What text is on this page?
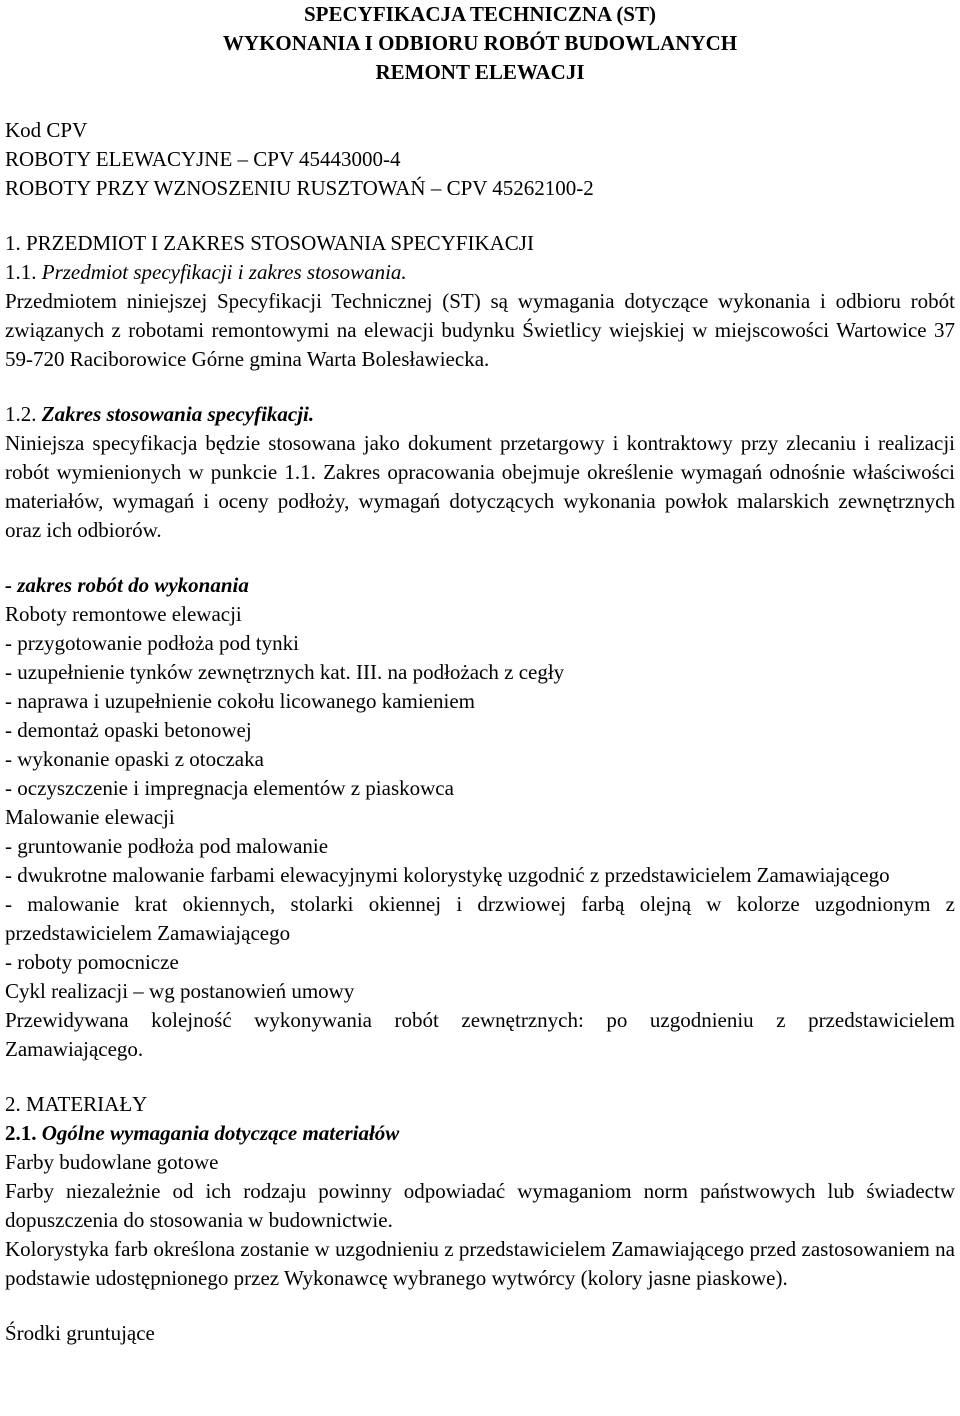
SPECYFIKACJA TECHNICZNA (ST)
WYKONANIA I ODBIORU ROBÓT BUDOWLANYCH
REMONT ELEWACJI
Kod CPV
ROBOTY ELEWACYJNE – CPV 45443000-4
ROBOTY PRZY WZNOSZENIU RUSZTOWAŃ – CPV 45262100-2

1. PRZEDMIOT I ZAKRES STOSOWANIA SPECYFIKACJI

1.1. Przedmiot specyfikacji i zakres stosowania.

Przedmiotem niniejszej Specyfikacji Technicznej (ST) są wymagania dotyczące wykonania i odbioru robót związanych z robotami remontowymi na elewacji budynku Świetlicy wiejskiej w miejscowości Wartowice 37 59-720 Raciborowice Górne gmina Warta Bolesławiecka.

1.2. Zakres stosowania specyfikacji.

Niniejsza specyfikacja będzie stosowana jako dokument przetargowy i kontraktowy przy zlecaniu i realizacji robót wymienionych w punkcie 1.1. Zakres opracowania obejmuje określenie wymagań odnośnie właściwości materiałów, wymagań i oceny podłoży, wymagań dotyczących wykonania powłok malarskich zewnętrznych oraz ich odbiorów.

- zakres robót do wykonania

Roboty remontowe elewacji

- przygotowanie podłoża pod tynki
- uzupełnienie tynków zewnętrznych kat. III. na podłożach z cegły
- naprawa i uzupełnienie cokołu licowanego kamieniem
- demontaż opaski betonowej
- wykonanie opaski z otoczaka
- oczyszczenie i impregnacja elementów z piaskowca

Malowanie elewacji

- gruntowanie podłoża pod malowanie
- dwukrotne malowanie farbami elewacyjnymi kolorystykę uzgodnić z przedstawicielem Zamawiającego
- malowanie krat okiennych, stolarki okiennej i drzwiowej farbą olejną w kolorze uzgodnionym z przedstawicielem Zamawiającego
- roboty pomocnicze

Cykl realizacji – wg postanowień umowy

Przewidywana kolejność wykonywania robót zewnętrznych: po uzgodnieniu z przedstawicielem Zamawiającego.

2. MATERIAŁY

2.1. Ogólne wymagania dotyczące materiałów

Farby budowlane gotowe

Farby niezależnie od ich rodzaju powinny odpowiadać wymaganiom norm państwowych lub świadectw dopuszczenia do stosowania w budownictwie.

Kolorystyka farb określona zostanie w uzgodnieniu z przedstawicielem Zamawiającego przed zastosowaniem na podstawie udostępnionego przez Wykonawcę wybranego wytwórcy (kolory jasne piaskowe).

Środki gruntujące
